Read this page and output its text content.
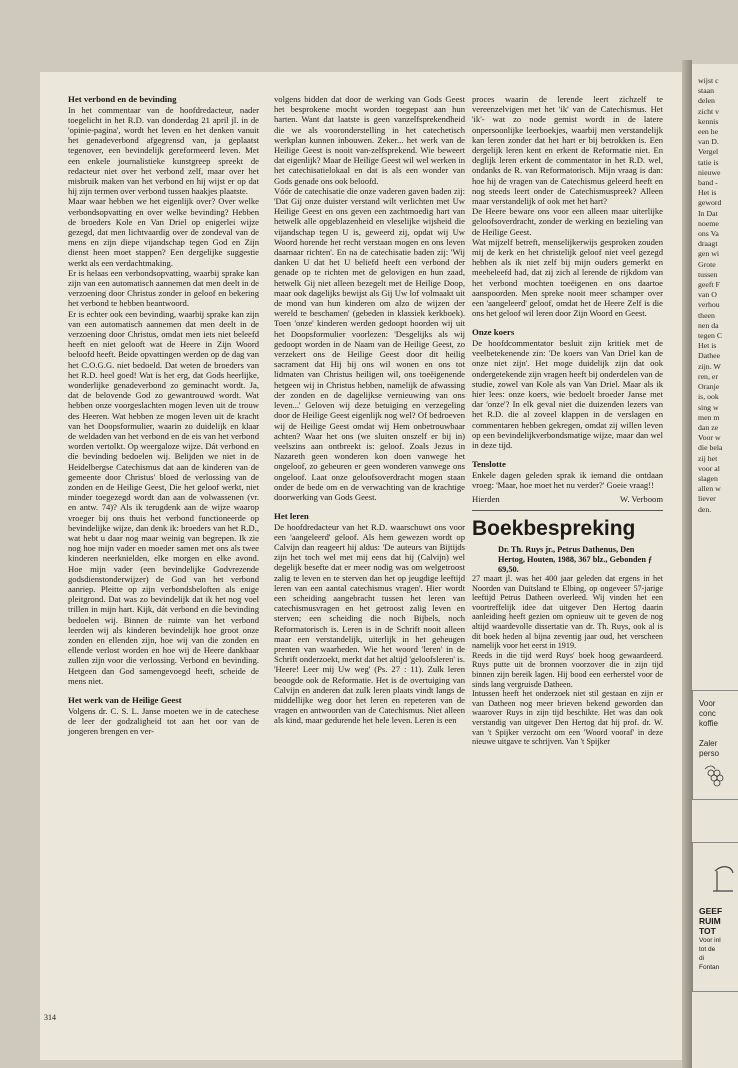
Het verbond en de bevinding

In het commentaar van de hoofdredacteur, nader toegelicht in het R.D. van donderdag 21 april jl. in de 'opinie-pagina', wordt het leven en het denken vanuit het genadeverbond afgegrensd van, ja geplaatst tegenover, een bevindelijk gereformeerd leven. Met een enkele journalistieke kunstgreep spreekt de redacteur niet over het verbond zelf, maar over het misbruik maken van het verbond en hij wijst er op dat hij zijn termen over verbond tussen haakjes plaatste.

Maar waar hebben we het eigenlijk over? Over welke verbondsopvatting en over welke bevinding? Hebben de broeders Kole en Van Driel op enigerlei wijze gezegd, dat men lichtvaardig over de zondeval van de mens en zijn diepe vijandschap tegen God en Zijn dienst heen moet stappen? Een dergelijke suggestie werkt als een verdachtmaking.

Er is helaas een verbondsopvatting, waarbij sprake kan zijn van een automatisch aannemen dat men deelt in de verzoening door Christus zonder in geloof en bekering het verbond te hebben beantwoord.

Er is echter ook een bevinding, waarbij sprake kan zijn van een automatisch aannemen dat men deelt in de verzoening door Christus, omdat men iets niet beleefd heeft en niet gelooft wat de Heere in Zijn Woord beloofd heeft. Beide opvattingen werden op de dag van het C.O.G.G. niet bedoeld. Dat weten de broeders van het R.D. heel goed! Wat is het erg, dat Gods heerlijke, wonderlijke genadeverbond zo geminacht wordt. Ja, dat de belovende God zo gewantrouwd wordt. Wat hebben onze voorgeslachten mogen leven uit de trouw des Heeren. Wat hebben ze mogen leven uit de kracht van het Doopsformulier, waarin zo duidelijk en klaar de weldaden van het verbond en de eis van het verbond worden vertolkt. Op weergaloze wijze. Dát verbond en díe bevinding bedoelen wij. Belijden we niet in de Heidelbergse Catechismus dat aan de kinderen van de gemeente door Christus' bloed de verlossing van de zonden en de Heilige Geest, Die het geloof werkt, niet minder toegezegd wordt dan aan de volwassenen (vr. en antw. 74)? Als ik terugdenk aan de wijze waarop vroeger bij ons thuis het verbond functioneerde op bevindelijke wijze, dan denk ik: broeders van het R.D., wat hebt u daar nog maar weinig van begrepen. Ik zie nog hoe mijn vader en moeder samen met ons als twee kinderen neerknielden, elke morgen en elke avond. Hoe mijn vader (een bevindelijke Godvrezende godsdienstonderwijzer) de God van het verbond aanriep. Pleitte op zijn verbondsbeloften als enige pleitgrond. Dat was zo bevindelijk dat ik het nog voel trillen in mijn hart. Kijk, dát verbond en díe bevinding bedoelen wij. Binnen de ruimte van het verbond leerden wij als kinderen bevindelijk hoe groot onze zonden en ellenden zijn, hoe wij van die zonden en ellende verlost worden en hoe wij de Heere dankbaar zullen zijn voor die verlossing. Verbond en bevinding. Hetgeen dan God samengevoegd heeft, scheide de mens niet.

Het werk van de Heilige Geest

Volgens dr. C. S. L. Janse moeten we in de catechese de leer der godzaligheid tot aan het oor van de jongeren brengen en ver-

volgens bidden dat door de werking van Gods Geest het besprokene mocht worden toegepast aan hun harten. Want dat laatste is geen vanzelfsprekendheid die we als vooronderstelling in het catechetisch werkplan kunnen inbouwen. Zeker... het werk van de Heilige Geest is nooit van-zelfsprekend. Wie beweert dat eigenlijk? Maar de Heilige Geest wil wel werken in het catechisatielokaal en dat is als een wonder van Gods genade ons ook beloofd.

Vóór de catechisatie die onze vaderen gaven baden zij: 'Dat Gij onze duister verstand wilt verlichten met Uw Heilige Geest en ons geven een zachtmoedig hart van hetwelk alle opgeblazenheid en vleselijke wijsheid die vijandschap tegen U is, geweerd zij, opdat wij Uw Woord horende het recht verstaan mogen en ons leven daarnaar richten'. En na de catechisatie baden zij: 'Wij danken U dat het U beliefd heeft een verbond der genade op te richten met de gelovigen en hun zaad, hetwelk Gij niet alleen bezegelt met de Heilige Doop, maar ook dagelijks bewijst als Gij Uw lof volmaakt uit de mond van hun kinderen om alzo de wijzen der wereld te beschamen' (gebeden in klassiek kerkboek). Toen 'onze' kinderen werden gedoopt hoorden wij uit het Doopsformulier voorlezen: 'Desgelijks als wij gedoopt worden in de Naam van de Heilige Geest, zo verzekert ons de Heilige Geest door dit heilig sacrament dat Hij bij ons wil wonen en ons tot lidmaten van Christus heiligen wil, ons toeëigenende hetgeen wij in Christus hebben, namelijk de afwassing der zonden en de dagelijkse vernieuwing van ons leven...' Geloven wij deze betuiging en verzegeling door de Heilige Geest eigenlijk nog wel? Of bedroeven wij de Heilige Geest omdat wij Hem onbetrouwbaar achten? Waar het ons (we sluiten onszelf er bij in) veelszins aan ontbreekt is: geloof. Zoals Jezus in Nazareth geen wonderen kon doen vanwege het ongeloof, zo gebeuren er geen wonderen vanwege ons ongeloof. Laat onze geloofsoverdracht mogen staan onder de bede om en de verwachting van de krachtige doorwerking van Gods Geest.

Het leren

De hoofdredacteur van het R.D. waarschuwt ons voor een 'aangeleerd' geloof. Als hem gewezen wordt op Calvijn dan reageert hij aldus: 'De auteurs van Bijtijds zijn het toch wel met mij eens dat hij (Calvijn) wel degelijk besefte dat er meer nodig was om welgetroost zalig te leven en te sterven dan het op jeugdige leeftijd leren van een aantal catechismus vragen'. Hier wordt een scheiding aangebracht tussen het leren van catechismusvragen en het getroost zalig leven en sterven; een scheiding die noch Bijbels, noch Reformatorisch is. Leren is in de Schrift nooit alleen maar een verstandelijk, uiterlijk in het geheugen prenten van waarheden. Wie het woord 'leren' in de Schrift onderzoekt, merkt dat het altijd 'geloofsleren' is. 'Heere! Leer mij Uw weg' (Ps. 27 : 11). Zulk leren beoogde ook de Reformatie. Het is de overtuiging van Calvijn en anderen dat zulk leren plaats vindt langs de middellijke weg door het leren en repeteren van de vragen en antwoorden van de Catechismus. Niet alleen als kind, maar gedurende het hele leven. Leren is een

proces waarin de lerende leert zichzelf te vereenzelvigen met het 'ik' van de Catechismus. Het 'ik'- wat zo node gemist wordt in de latere onpersoonlijke leerboekjes, waarbij men verstandelijk kan leren zonder dat het hart er bij betrokken is. Een dergelijk leren kent en erkent de Reformatie niet. En deglijk leren erkent de commentator in het R.D. wel, ondanks de R. van Reformatorisch. Mijn vraag is dan: hoe hij de vragen van de Catechismus geleerd heeft en nog steeds leert onder de Catechismuspreek? Alleen maar verstandelijk of ook met het hart?

De Heere beware ons voor een alleen maar uiterlijke geloofsoverdracht, zonder de werking en bezieling van de Heilige Geest.

Wat mijzelf betreft, menselijkerwijs gesproken zouden mij de kerk en het christelijk geloof niet veel gezegd hebben als ik niet zelf bij mijn ouders gemerkt en meebeleefd had, dat zij zich al lerende de rijkdom van het verbond mochten toeëigenen en ons daartoe aanspoorden. Men spreke nooit meer schamper over een 'aangeleerd' geloof, omdat het de Heere Zelf is die ons het geloof wil leren door Zijn Woord en Geest.

Onze koers

De hoofdcommentator besluit zijn kritiek met de veelbetekenende zin: 'De koers van Van Driel kan de onze niet zijn'. Het moge duidelijk zijn dat ook ondergetekende zijn vragen heeft bij onderdelen van de studie, zowel van Kole als van Van Driel. Maar als ik hier lees: onze koers, wie bedoelt broeder Janse met dar 'onze'? In elk geval niet die duizenden lezers van het R.D. die al zoveel klappen in de verslagen en commentaren hebben gekregen, omdat zij willen leven op een bevindelijkverbondsmatige wijze, maar dan wel in deze tijd.

Tenslotte

Enkele dagen geleden sprak ik iemand die ontdaan vroeg: 'Maar, hoe moet het nu verder?' Goeie vraag!!

Hierden	W. Verboom
Boekbespreking

Dr. Th. Ruys jr., Petrus Dathenus, Den Hertog, Houten, 1988, 367 blz., Gebonden ƒ 69,50.

27 maart jl. was het 400 jaar geleden dat ergens in het Noorden van Duitsland te Elbing, op ongeveer 57-jarige leeftijd Petrus Datheen overleed. Wij vinden het een voortreffelijk idee dat uitgever Den Hertog daarin aanleiding heeft gezien om opnieuw uit te geven de nog altijd waardevolle dissertatie van dr. Th. Ruys, ook al is dit boek heden al bijna zeventig jaar oud, het verscheen namelijk voor het eerst in 1919.

Reeds in die tijd werd Ruys' boek hoog gewaardeerd. Ruys putte uit de bronnen voorzover die in zijn tijd binnen zijn bereik lagen. Hij bood een eerherstel voor de sinds lang vergruisde Datheen.

Intussen heeft het onderzoek niet stil gestaan en zijn er van Datheen nog meer brieven bekend geworden dan waarover Ruys in zijn tijd beschikte. Het was dan ook verstandig van uitgever Den Hertog dat hij prof. dr. W. van 't Spijker verzocht om een 'Woord vooraf' in deze nieuwe uitgave te schrijven. Van 't Spijker

314
wijst c
staan
delen
zicht v
kennis
een he
van D.
Vergel
tatie is
nieuwe
band -
Het is
geword
In Dat
noeme
ons Va
draagt
gen wi
Grote
tussen
geeft F
van O
verhou
theen
nen da
tegen C
Het is
Dathee
zijn. W
ren, er
Oranje
is, ook
sing w
men m
dan ze
Voor w
die bela
zij het
voor al
slagen
allen w
liever
den.
Voor
conc
koffie
Zaler
perso
GEEF
RUIM
TOT
Voor inl
tot de
di
Fontan
